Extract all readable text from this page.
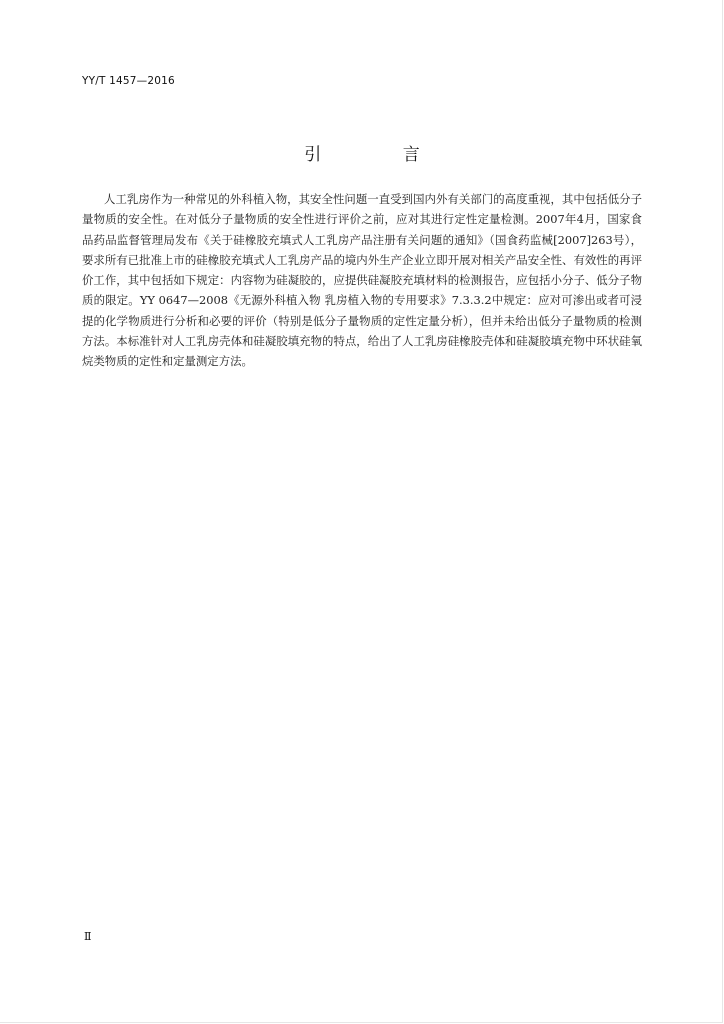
YY/T 1457—2016
引 言

人工乳房作为一种常见的外科植入物，其安全性问题一直受到国内外有关部门的高度重视，其中包括低分子量物质的安全性。在对低分子量物质的安全性进行评价之前，应对其进行定性定量检测。2007年4月，国家食品药品监督管理局发布《关于硅橡胶充填式人工乳房产品注册有关问题的通知》（国食药监械[2007]263号），要求所有已批准上市的硅橡胶充填式人工乳房产品的境内外生产企业立即开展对相关产品安全性、有效性的再评价工作，其中包括如下规定：内容物为硅凝胶的，应提供硅凝胶充填材料的检测报告，应包括小分子、低分子物质的限定。YY 0647—2008《无源外科植入物 乳房植入物的专用要求》7.3.3.2中规定：应对可渗出或者可浸提的化学物质进行分析和必要的评价（特别是低分子量物质的定性定量分析），但并未给出低分子量物质的检测方法。本标准针对人工乳房壳体和硅凝胶填充物的特点，给出了人工乳房硅橡胶壳体和硅凝胶填充物中环状硅氧烷类物质的定性和定量测定方法。

Ⅱ
